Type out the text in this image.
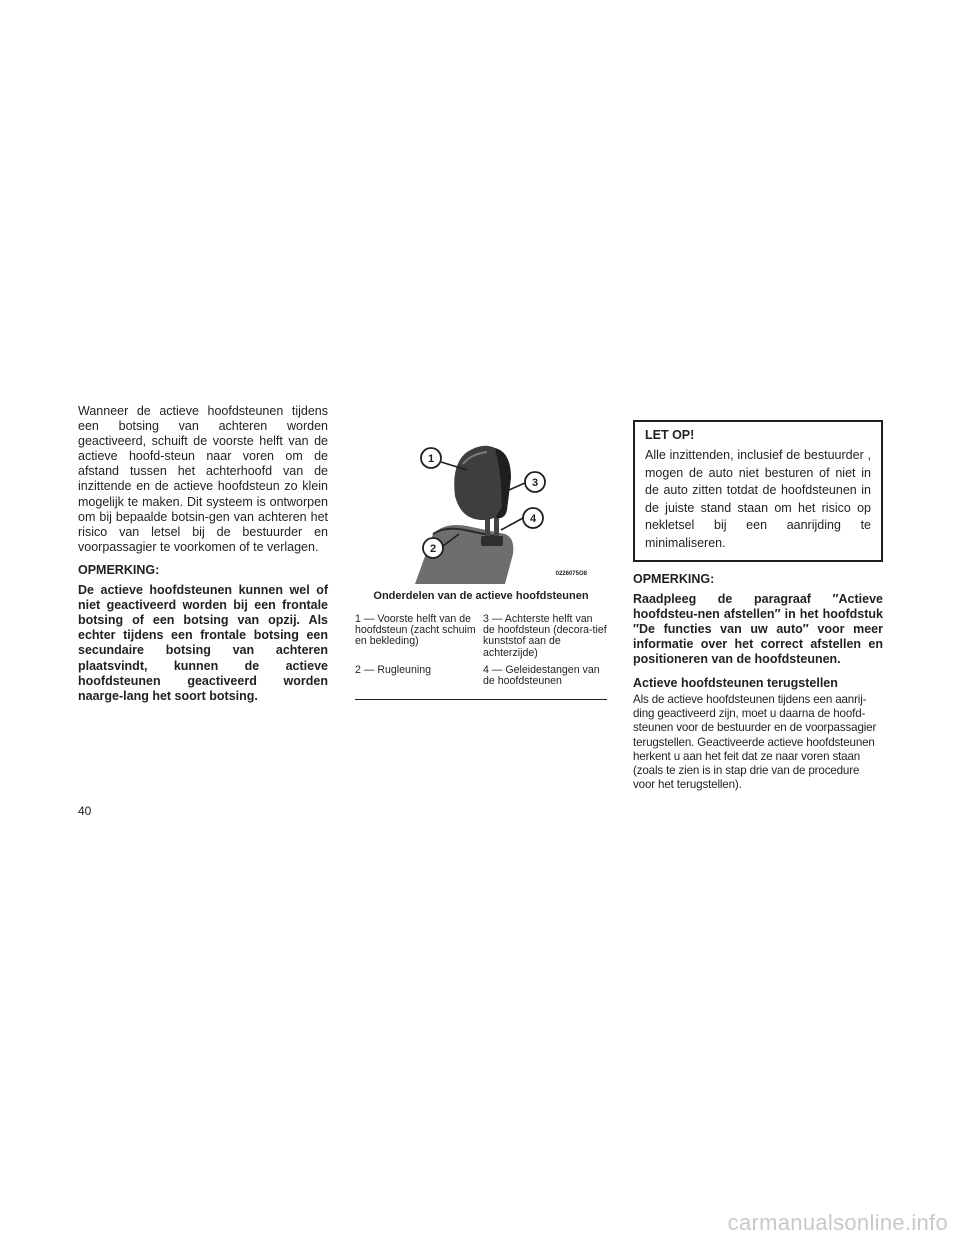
Wanneer de actieve hoofdsteunen tijdens een botsing van achteren worden geactiveerd, schuift de voorste helft van de actieve hoofd-steun naar voren om de afstand tussen het achterhoofd van de inzittende en de actieve hoofdsteun zo klein mogelijk te maken. Dit systeem is ontworpen om bij bepaalde botsin-gen van achteren het risico van letsel bij de bestuurder en voorpassagier te voorkomen of te verlagen.

OPMERKING:

De actieve hoofdsteunen kunnen wel of niet geactiveerd worden bij een frontale botsing of een botsing van opzij. Als echter tijdens een frontale botsing een secundaire botsing van achteren plaatsvindt, kunnen de actieve hoofdsteunen geactiveerd worden naarge-lang het soort botsing.

1
2
3
4
0226075O8

Onderdelen van de actieve hoofdsteunen

1 — Voorste helft van de hoofdsteun (zacht schuim en bekleding)
3 — Achterste helft van de hoofdsteun (decora-tief kunststof aan de achterzijde)
2 — Rugleuning	4 — Geleidestangen van de hoofdsteunen

LET OP!

Alle inzittenden, inclusief de bestuurder , mogen de auto niet besturen of niet in de auto zitten totdat de hoofdsteunen in de juiste stand staan om het risico op nekletsel bij een aanrijding te minimaliseren.

OPMERKING:

Raadpleeg de paragraaf ″Actieve hoofdsteu-nen afstellen″ in het hoofdstuk ″De functies van uw auto″ voor meer informatie over het correct afstellen en positioneren van de hoofdsteunen.

Actieve hoofdsteunen terugstellen

Als de actieve hoofdsteunen tijdens een aanrij-ding geactiveerd zijn, moet u daarna de hoofd-steunen voor de bestuurder en de voorpassagier terugstellen. Geactiveerde actieve hoofdsteunen herkent u aan het feit dat ze naar voren staan (zoals te zien is in stap drie van de procedure voor het terugstellen).

40
carmanualsonline.info
